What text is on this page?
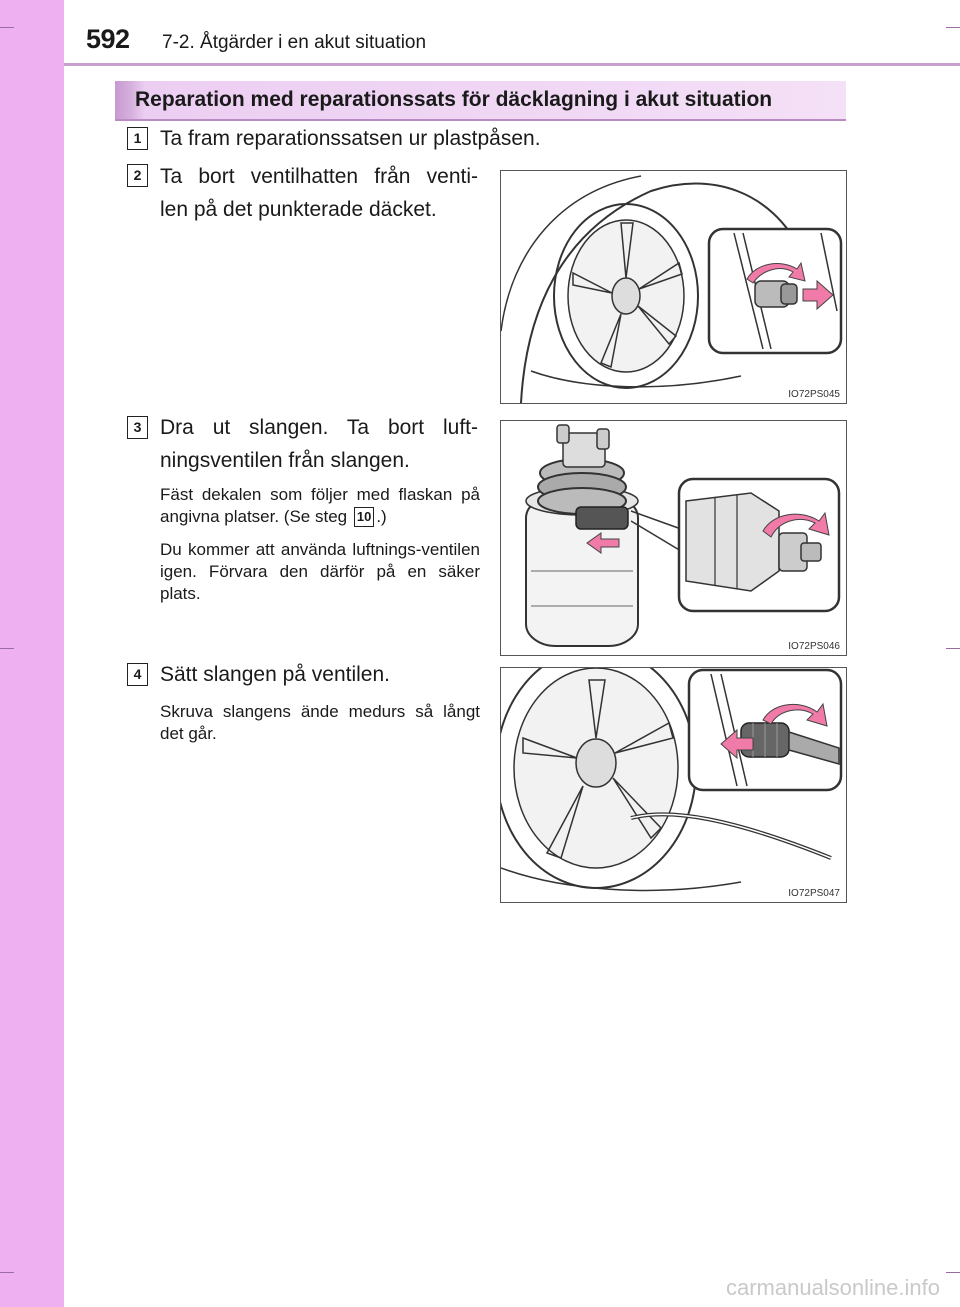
592 7-2. Åtgärder i en akut situation
Reparation med reparationssats för däcklagning i akut situation
1 Ta fram reparationssatsen ur plastpåsen.
2 Ta bort ventilhatten från venti-
len på det punkterade däcket.
IO72PS045
3 Dra ut slangen. Ta bort luft-
ningsventilen från slangen.
Fäst dekalen som följer med flaskan på angivna platser. (Se steg 10 .)
Du kommer att använda luftnings-ventilen igen. Förvara den därför på en säker plats.
IO72PS046
4 Sätt slangen på ventilen.
Skruva slangens ände medurs så långt det går.
IO72PS047
carmanualsonline.info
